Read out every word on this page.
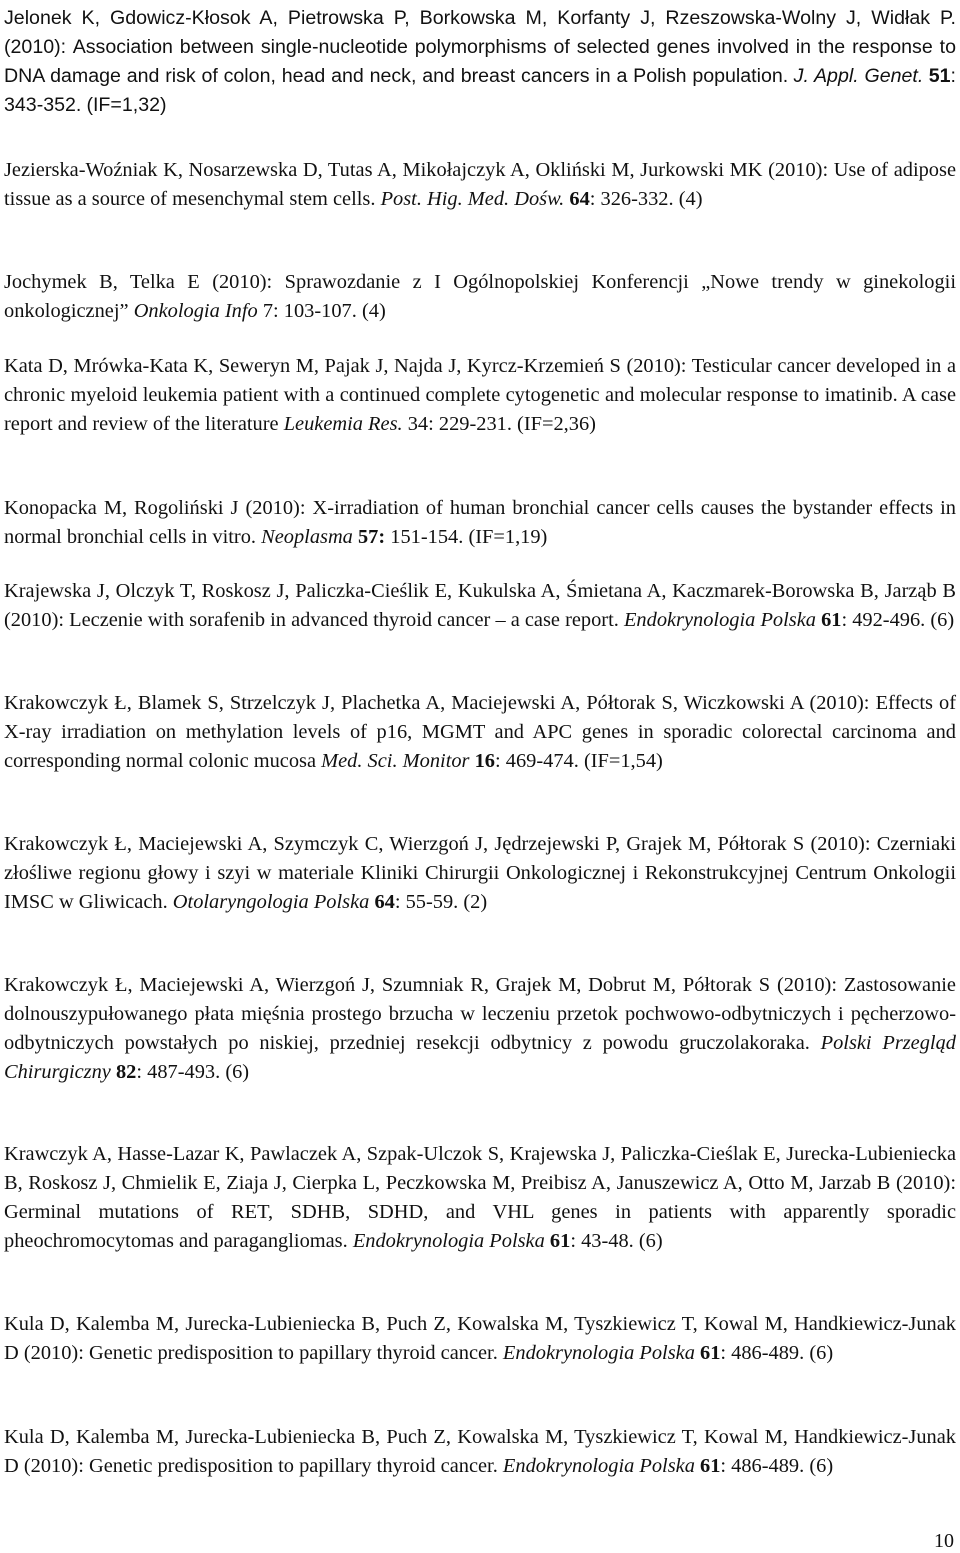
Jelonek K, Gdowicz-Kłosok A, Pietrowska P, Borkowska M, Korfanty J, Rzeszowska-Wolny J, Widłak P. (2010): Association between single-nucleotide polymorphisms of selected genes involved in the response to DNA damage and risk of colon, head and neck, and breast cancers in a Polish population. J. Appl. Genet. 51: 343-352. (IF=1,32)

Jezierska-Woźniak K, Nosarzewska D, Tutas A, Mikołajczyk A, Okliński M, Jurkowski MK (2010): Use of adipose tissue as a source of mesenchymal stem cells. Post. Hig. Med. Dośw. 64: 326-332. (4)

Jochymek B, Telka E (2010): Sprawozdanie z I Ogólnopolskiej Konferencji „Nowe trendy w ginekologii onkologicznej” Onkologia Info 7: 103-107. (4)

Kata D, Mrówka-Kata K, Seweryn M, Pajak J, Najda J, Kyrcz-Krzemień S (2010): Testicular cancer developed in a chronic myeloid leukemia patient with a continued complete cytogenetic and molecular response to imatinib. A case report and review of the literature Leukemia Res. 34: 229-231. (IF=2,36)

Konopacka M, Rogoliński J (2010): X-irradiation of human bronchial cancer cells causes the bystander effects in normal bronchial cells in vitro. Neoplasma 57: 151-154. (IF=1,19)

Krajewska J, Olczyk T, Roskosz J, Paliczka-Cieślik E, Kukulska A, Śmietana A, Kaczmarek-Borowska B, Jarząb B (2010): Leczenie with sorafenib in advanced thyroid cancer – a case report. Endokrynologia Polska 61: 492-496. (6)

Krakowczyk Ł, Blamek S, Strzelczyk J, Plachetka A, Maciejewski A, Półtorak S, Wiczkowski A (2010): Effects of X-ray irradiation on methylation levels of p16, MGMT and APC genes in sporadic colorectal carcinoma and corresponding normal colonic mucosa Med. Sci. Monitor 16: 469-474. (IF=1,54)

Krakowczyk Ł, Maciejewski A, Szymczyk C, Wierzgoń J, Jędrzejewski P, Grajek M, Półtorak S (2010): Czerniaki złośliwe regionu głowy i szyi w materiale Kliniki Chirurgii Onkologicznej i Rekonstrukcyjnej Centrum Onkologii IMSC w Gliwicach. Otolaryngologia Polska 64: 55-59. (2)

Krakowczyk Ł, Maciejewski A, Wierzgoń J, Szumniak R, Grajek M, Dobrut M, Półtorak S (2010): Zastosowanie dolnouszypułowanego płata mięśnia prostego brzucha w leczeniu przetok pochwowo-odbytniczych i pęcherzowo-odbytniczych powstałych po niskiej, przedniej resekcji odbytnicy z powodu gruczolakoraka. Polski Przegląd Chirurgiczny 82: 487-493. (6)

Krawczyk A, Hasse-Lazar K, Pawlaczek A, Szpak-Ulczok S, Krajewska J, Paliczka-Cieślak E, Jurecka-Lubieniecka B, Roskosz J, Chmielik E, Ziaja J, Cierpka L, Peczkowska M, Preibisz A, Januszewicz A, Otto M, Jarzab B (2010): Germinal mutations of RET, SDHB, SDHD, and VHL genes in patients with apparently sporadic pheochromocytomas and paragangliomas. Endokrynologia Polska 61: 43-48. (6)

Kula D, Kalemba M, Jurecka-Lubieniecka B, Puch Z, Kowalska M, Tyszkiewicz T, Kowal M, Handkiewicz-Junak D (2010): Genetic predisposition to papillary thyroid cancer. Endokrynologia Polska 61: 486-489. (6)

Kula D, Kalemba M, Jurecka-Lubieniecka B, Puch Z, Kowalska M, Tyszkiewicz T, Kowal M, Handkiewicz-Junak D (2010): Genetic predisposition to papillary thyroid cancer. Endokrynologia Polska 61: 486-489. (6)

10
